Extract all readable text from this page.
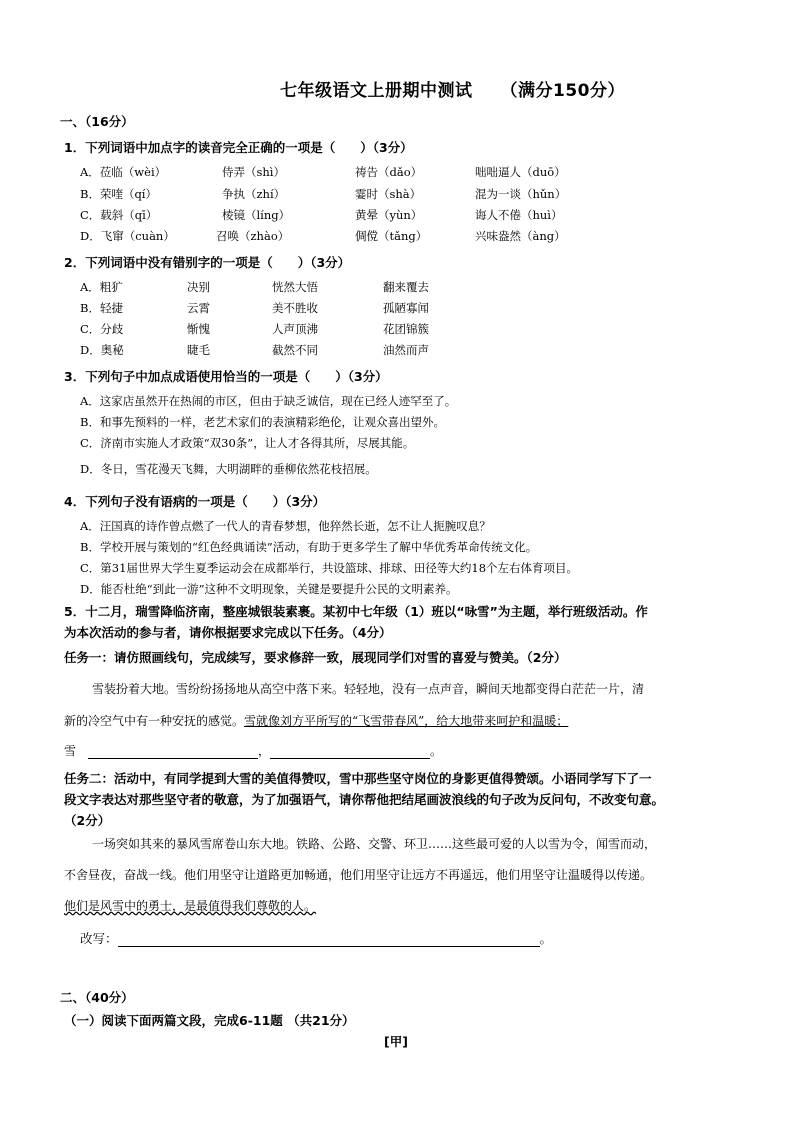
七年级语文上册期中测试 （满分150分）
一、（16分）
1．下列词语中加点字的读音完全正确的一项是（　　）（3分）
A．莅临（wèi）	侍弄（shì）	祷告（dǎo）	咄咄逼人（duō）
B．荣喹（qí）	争执（zhí）	霎时（shà）	混为一谈（hǔn）
C．载斜（qī）	棱镜（líng）	黄晕（yùn）	诲人不倦（huì）
D．飞窜（cuàn）	召唤（zhào）	倜傥（tǎng）	兴味盎然（àng）
2．下列词语中没有错别字的一项是（　　）（3分）
A．粗犷	决别	恍然大悟	翻来覆去
B．轻捷	云霄	美不胜收	孤陋寡闻
C．分歧	惭愧	人声顶沸	花团锦簇
D．奥秘	睫毛	截然不同	油然而声
3．下列句子中加点成语使用恰当的一项是（　　）（3分）
A．这家店虽然开在热闹的市区，但由于缺乏诚信，现在已经人迹罕至了。
B．和事先预料的一样，老艺术家们的表演精彩绝伦，让观众喜出望外。
C．济南市实施人才政策“双30条”，让人才各得其所，尽展其能。
D．冬日，雪花漫天飞舞，大明湖畔的垂柳依然花枝招展。
4．下列句子没有语病的一项是（　　）（3分）
A．汪国真的诗作曾点燃了一代人的青春梦想，他猝然长逝，怎不让人扼腕叹息？
B．学校开展与策划的“红色经典诵读”活动，有助于更多学生了解中华优秀革命传统文化。
C．第31届世界大学生夏季运动会在成都举行，共设篮球、排球、田径等大约18个左右体育项目。
D．能否杜绝“到此一游”这种不文明现象，关键是要提升公民的文明素养。
5．十二月，瑞雪降临济南，整座城银装素裹。某初中七年级（1）班以“咏雪”为主题，举行班级活动。作
为本次活动的参与者，请你根据要求完成以下任务。（4分）
任务一：请仿照画线句，完成续写，要求修辞一致，展现同学们对雪的喜爱与赞美。（2分）
雪装扮着大地。雪纷纷扬扬地从高空中落下来。轻轻地，没有一点声音，瞬间天地都变得白茫茫一片，清
新的冷空气中有一种安抚的感觉。雪就像刘方平所写的“飞雪带春风”，给大地带来呵护和温暖；
雪	，	。
任务二：活动中，有同学提到大雪的美值得赞叹，雪中那些坚守岗位的身影更值得赞颂。小语同学写下了一
段文字表达对那些坚守者的敬意，为了加强语气，请你帮他把结尾画波浪线的句子改为反问句，不改变句意。
（2分）
一场突如其来的暴风雪席卷山东大地。铁路、公路、交警、环卫……这些最可爱的人以雪为令，闻雪而动，
不舍昼夜，奋战一线。他们用坚守让道路更加畅通，他们用坚守让远方不再遥远，他们用坚守让温暖得以传递。
他们是风雪中的勇士，是最值得我们尊敬的人。
改写：	。
二、（40分）
（一）阅读下面两篇文段，完成6-11题 （共21分）
[甲]
